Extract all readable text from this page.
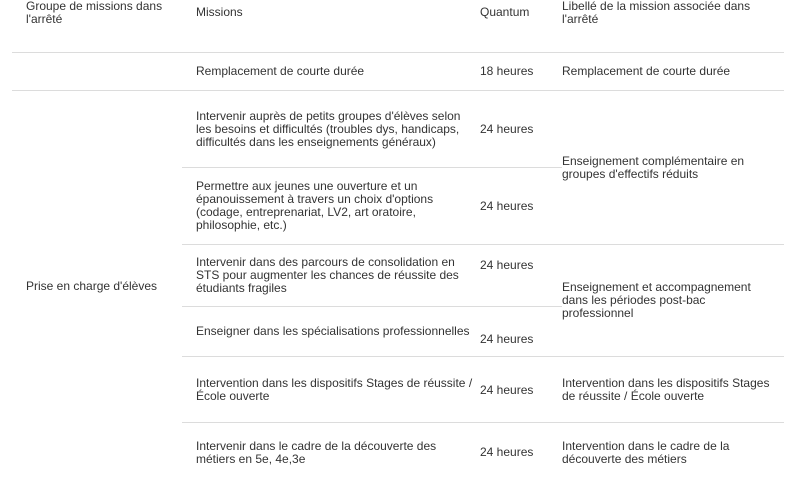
Groupe de missions dans l'arrêté	Missions	Quantum	Libellé de la mission associée dans l'arrêté
	Remplacement de courte durée	18 heures	Remplacement de courte durée
Prise en charge d'élèves	Intervenir auprès de petits groupes d'élèves selon les besoins et difficultés (troubles dys, handicaps, difficultés dans les enseignements généraux)	24 heures	Enseignement complémentaire en groupes d'effectifs réduits
	Permettre aux jeunes une ouverture et un épanouissement à travers un choix d'options (codage, entreprenariat, LV2, art oratoire, philosophie, etc.)	24 heures	
	Intervenir dans des parcours de consolidation en STS pour augmenter les chances de réussite des étudiants fragiles	24 heures	Enseignement et accompagnement dans les périodes post-bac professionnel
	Enseigner dans les spécialisations professionnelles	24 heures	
	Intervention dans les dispositifs Stages de réussite / École ouverte	24 heures	Intervention dans les dispositifs Stages de réussite / École ouverte
	Intervenir dans le cadre de la découverte des métiers en 5e, 4e,3e	24 heures	Intervention dans le cadre de la découverte des métiers
